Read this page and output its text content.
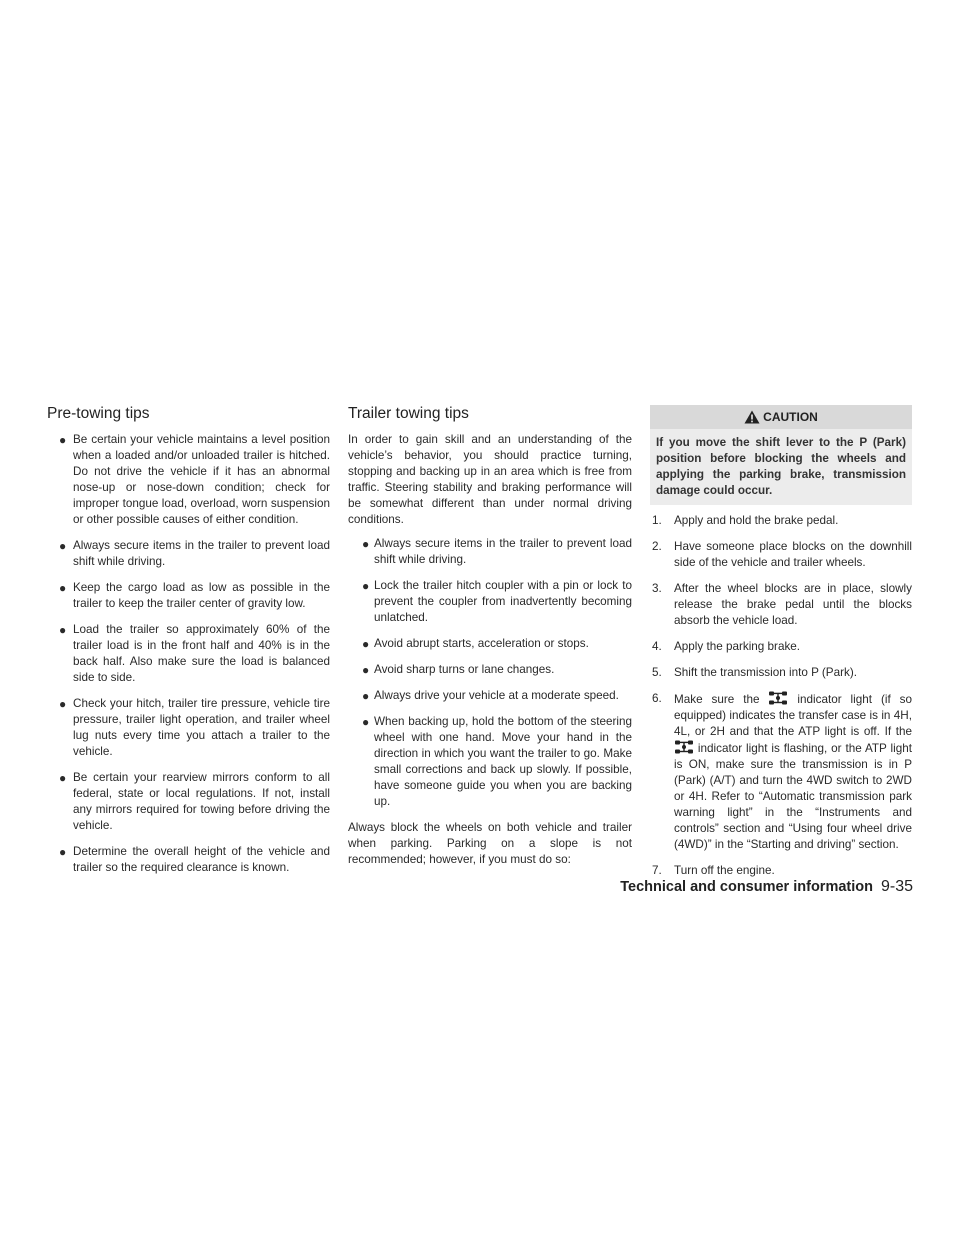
Pre-towing tips
● Be certain your vehicle maintains a level position when a loaded and/or unloaded trailer is hitched. Do not drive the vehicle if it has an abnormal nose-up or nose-down condition; check for improper tongue load, overload, worn suspension or other possible causes of either condition.
● Always secure items in the trailer to prevent load shift while driving.
● Keep the cargo load as low as possible in the trailer to keep the trailer center of gravity low.
● Load the trailer so approximately 60% of the trailer load is in the front half and 40% is in the back half. Also make sure the load is balanced side to side.
● Check your hitch, trailer tire pressure, vehicle tire pressure, trailer light operation, and trailer wheel lug nuts every time you attach a trailer to the vehicle.
● Be certain your rearview mirrors conform to all federal, state or local regulations. If not, install any mirrors required for towing before driving the vehicle.
● Determine the overall height of the vehicle and trailer so the required clearance is known.
Trailer towing tips

In order to gain skill and an understanding of the vehicle’s behavior, you should practice turning, stopping and backing up in an area which is free from traffic. Steering stability and braking performance will be somewhat different than under normal driving conditions.

● Always secure items in the trailer to prevent load shift while driving.
● Lock the trailer hitch coupler with a pin or lock to prevent the coupler from inadvertently becoming unlatched.
● Avoid abrupt starts, acceleration or stops.
● Avoid sharp turns or lane changes.
● Always drive your vehicle at a moderate speed.
● When backing up, hold the bottom of the steering wheel with one hand. Move your hand in the direction in which you want the trailer to go. Make small corrections and back up slowly. If possible, have someone guide you when you are backing up.

Always block the wheels on both vehicle and trailer when parking. Parking on a slope is not recommended; however, if you must do so:

CAUTION
If you move the shift lever to the P (Park) position before blocking the wheels and applying the parking brake, transmission damage could occur.
1. Apply and hold the brake pedal.
2. Have someone place blocks on the downhill side of the vehicle and trailer wheels.
3. After the wheel blocks are in place, slowly release the brake pedal until the blocks absorb the vehicle load.
4. Apply the parking brake.
5. Shift the transmission into P (Park).
6. Make sure the	indicator light (if so equipped) indicates the transfer case is in 4H, 4L, or 2H and that the ATP light is off. If the  indicator light is flashing, or the ATP light is ON, make sure the transmission is in P (Park) (A/T) and turn the 4WD switch to 2WD or 4H. Refer to “Automatic transmission park warning light” in the “Instruments and controls” section and “Using four wheel drive (4WD)” in the “Starting and driving” section.
7. Turn off the engine.
Technical and consumer information 9-35
